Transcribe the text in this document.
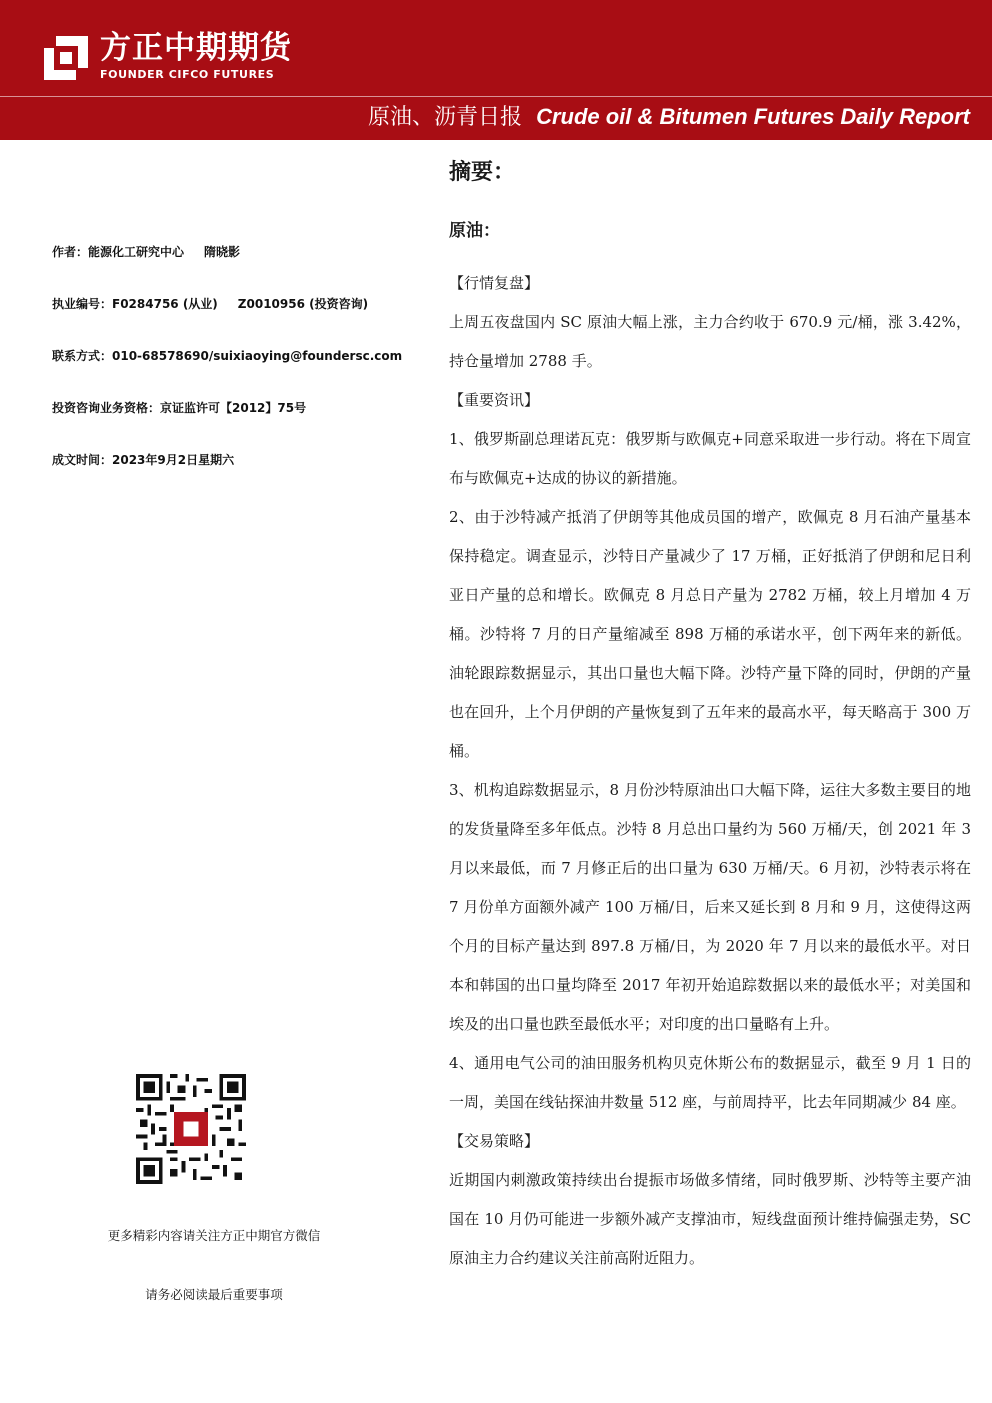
方正中期期货
FOUNDER CIFCO FUTURES
原油、沥青日报 Crude oil & Bitumen Futures Daily Report
作者：能源化工研究中心 隋晓影
执业编号：F0284756 (从业) Z0010956 (投资咨询)
联系方式：010-68578690/suixiaoying@foundersc.com
投资咨询业务资格：京证监许可【2012】75号
成文时间：2023年9月2日星期六
更多精彩内容请关注方正中期官方微信
请务必阅读最后重要事项
摘要：
原油：

【行情复盘】

上周五夜盘国内 SC 原油大幅上涨，主力合约收于 670.9 元/桶，涨 3.42%，持仓量增加 2788 手。

【重要资讯】

1、俄罗斯副总理诺瓦克：俄罗斯与欧佩克+同意采取进一步行动。将在下周宣布与欧佩克+达成的协议的新措施。

2、由于沙特减产抵消了伊朗等其他成员国的增产，欧佩克 8 月石油产量基本保持稳定。调查显示，沙特日产量减少了 17 万桶，正好抵消了伊朗和尼日利亚日产量的总和增长。欧佩克 8 月总日产量为 2782 万桶，较上月增加 4 万桶。沙特将 7 月的日产量缩减至 898 万桶的承诺水平，创下两年来的新低。油轮跟踪数据显示，其出口量也大幅下降。沙特产量下降的同时，伊朗的产量也在回升，上个月伊朗的产量恢复到了五年来的最高水平，每天略高于 300 万桶。

3、机构追踪数据显示，8 月份沙特原油出口大幅下降，运往大多数主要目的地的发货量降至多年低点。沙特 8 月总出口量约为 560 万桶/天，创 2021 年 3 月以来最低，而 7 月修正后的出口量为 630 万桶/天。6 月初，沙特表示将在 7 月份单方面额外减产 100 万桶/日，后来又延长到 8 月和 9 月，这使得这两个月的目标产量达到 897.8 万桶/日，为 2020 年 7 月以来的最低水平。对日本和韩国的出口量均降至 2017 年初开始追踪数据以来的最低水平；对美国和埃及的出口量也跌至最低水平；对印度的出口量略有上升。

4、通用电气公司的油田服务机构贝克休斯公布的数据显示，截至 9 月 1 日的一周，美国在线钻探油井数量 512 座，与前周持平，比去年同期减少 84 座。

【交易策略】

近期国内刺激政策持续出台提振市场做多情绪，同时俄罗斯、沙特等主要产油国在 10 月仍可能进一步额外减产支撑油市，短线盘面预计维持偏强走势，SC 原油主力合约建议关注前高附近阻力。
